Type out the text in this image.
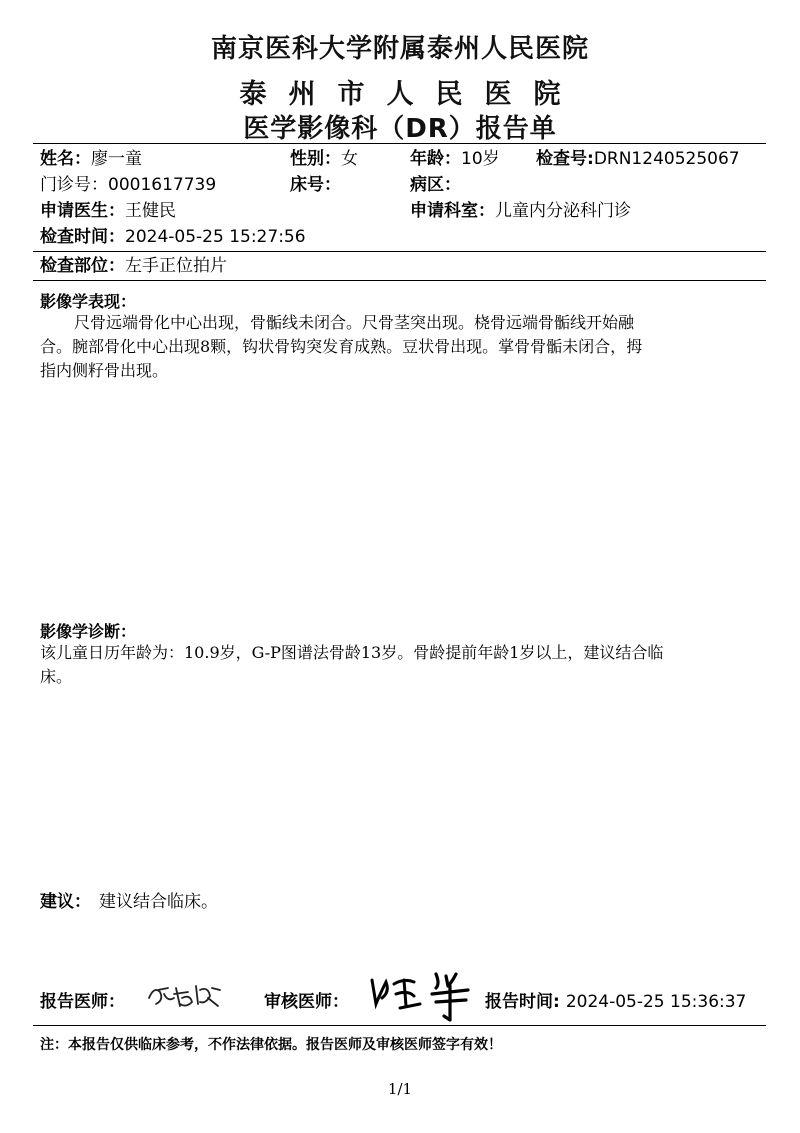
南京医科大学附属泰州人民医院
泰州市人民医院
医学影像科（DR）报告单
姓名：廖一童	性别：女	年龄：10岁 检查号:DRN1240525067
门诊号：0001617739	床号：	病区：
申请医生：王健民	申请科室：儿童内分泌科门诊
检查时间：2024-05-25 15:27:56
检查部位：左手正位拍片
影像学表现：
尺骨远端骨化中心出现，骨骺线未闭合。尺骨茎突出现。桡骨远端骨骺线开始融
合。腕部骨化中心出现8颗，钩状骨钩突发育成熟。豆状骨出现。掌骨骨骺未闭合，拇
指内侧籽骨出现。
影像学诊断：
该儿童日历年龄为：10.9岁，G-P图谱法骨龄13岁。骨龄提前年龄1岁以上，建议结合临
床。
建议： 建议结合临床。
报告医师：	审核医师：	报告时间: 2024-05-25 15:36:37
注：本报告仅供临床参考，不作法律依据。报告医师及审核医师签字有效！
1/1
